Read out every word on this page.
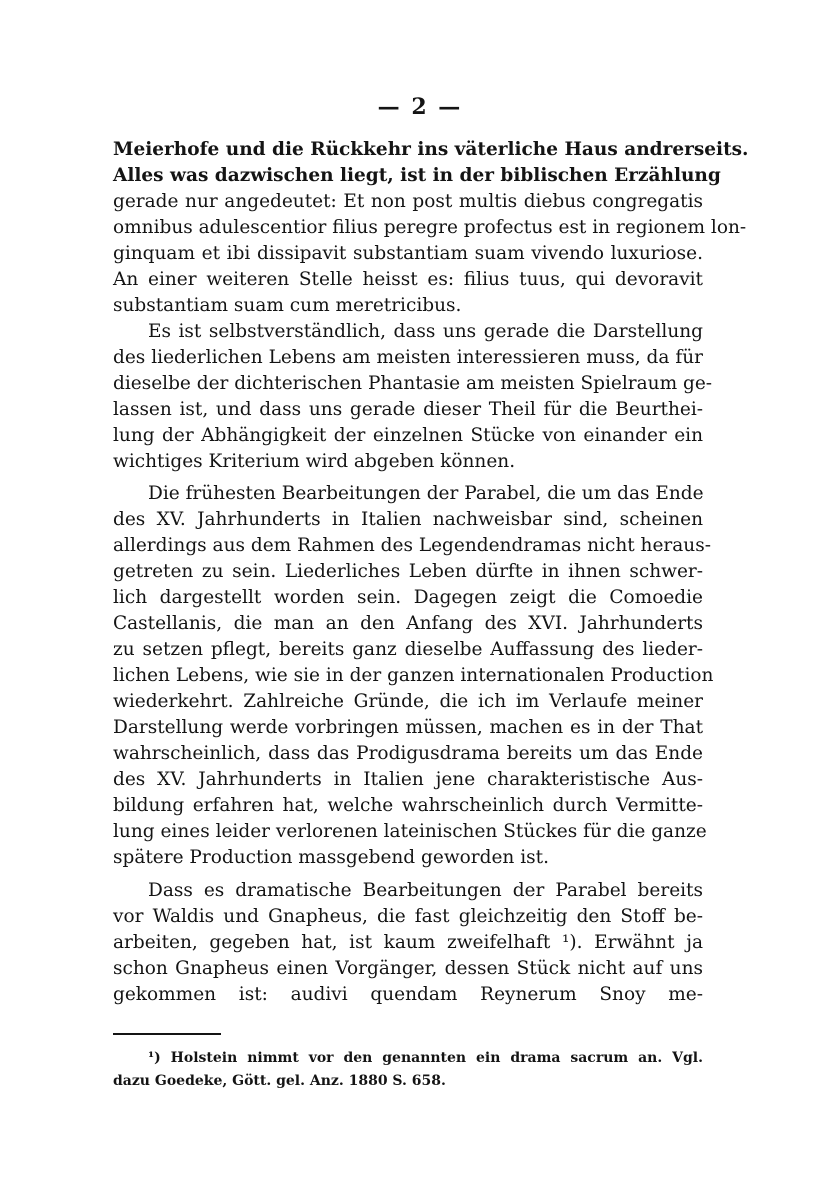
— 2 —
Meierhofe und die Rückkehr ins väterliche Haus andrerseits.
Alles was dazwischen liegt, ist in der biblischen Erzählung
gerade nur angedeutet: Et non post multis diebus congregatis
omnibus adulescentior filius peregre profectus est in regionem lon-
ginquam et ibi dissipavit substantiam suam vivendo luxuriose.
An einer weiteren Stelle heisst es: filius tuus, qui devoravit
substantiam suam cum meretricibus.
Es ist selbstverständlich, dass uns gerade die Darstellung
des liederlichen Lebens am meisten interessieren muss, da für
dieselbe der dichterischen Phantasie am meisten Spielraum ge-
lassen ist, und dass uns gerade dieser Theil für die Beurthei-
lung der Abhängigkeit der einzelnen Stücke von einander ein
wichtiges Kriterium wird abgeben können.
Die frühesten Bearbeitungen der Parabel, die um das Ende
des XV. Jahrhunderts in Italien nachweisbar sind, scheinen
allerdings aus dem Rahmen des Legendendramas nicht heraus-
getreten zu sein. Liederliches Leben dürfte in ihnen schwer-
lich dargestellt worden sein. Dagegen zeigt die Comoedie
Castellanis, die man an den Anfang des XVI. Jahrhunderts
zu setzen pflegt, bereits ganz dieselbe Auffassung des lieder-
lichen Lebens, wie sie in der ganzen internationalen Production
wiederkehrt. Zahlreiche Gründe, die ich im Verlaufe meiner
Darstellung werde vorbringen müssen, machen es in der That
wahrscheinlich, dass das Prodigusdrama bereits um das Ende
des XV. Jahrhunderts in Italien jene charakteristische Aus-
bildung erfahren hat, welche wahrscheinlich durch Vermitte-
lung eines leider verlorenen lateinischen Stückes für die ganze
spätere Production massgebend geworden ist.
Dass es dramatische Bearbeitungen der Parabel bereits
vor Waldis und Gnapheus, die fast gleichzeitig den Stoff be-
arbeiten, gegeben hat, ist kaum zweifelhaft ¹). Erwähnt ja
schon Gnapheus einen Vorgänger, dessen Stück nicht auf uns
gekommen ist: audivi quendam Reynerum Snoy me-
¹) Holstein nimmt vor den genannten ein drama sacrum an. Vgl.
dazu Goedeke, Gött. gel. Anz. 1880 S. 658.
